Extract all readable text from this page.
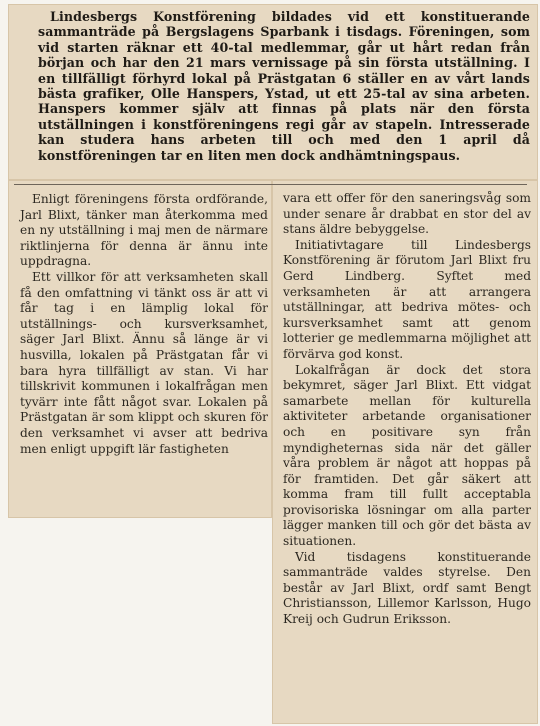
Lindesbergs Konstförening bildades vid ett konstituerande sammanträde på Bergslagens Sparbank i tisdags. Föreningen, som vid starten räknar ett 40-tal medlemmar, går ut hårt redan från början och har den 21 mars vernissage på sin första utställning. I en tillfälligt förhyrd lokal på Prästgatan 6 ställer en av vårt lands bästa grafiker, Olle Hanspers, Ystad, ut ett 25-tal av sina arbeten. Hanspers kommer själv att finnas på plats när den första utställningen i konstföreningens regi går av stapeln. Intresserade kan studera hans arbeten till och med den 1 april då konstföreningen tar en liten men dock andhämtningspaus.

Enligt föreningens första ordförande, Jarl Blixt, tänker man återkomma med en ny utställning i maj men de närmare riktlinjerna för denna är ännu inte uppdragna.

Ett villkor för att verksamheten skall få den omfattning vi tänkt oss är att vi får tag i en lämplig lokal för utställnings- och kursverksamhet, säger Jarl Blixt. Ännu så länge är vi husvilla, lokalen på Prästgatan får vi bara hyra tillfälligt av stan. Vi har tillskrivit kommunen i lokalfrågan men tyvärr inte fått något svar. Lokalen på Prästgatan är som klippt och skuren för den verksamhet vi avser att bedriva men enligt uppgift lär fastigheten

vara ett offer för den saneringsvåg som under senare år drabbat en stor del av stans äldre bebyggelse.

Initiativtagare till Lindesbergs Konstförening är förutom Jarl Blixt fru Gerd Lindberg. Syftet med verksamheten är att arrangera utställningar, att bedriva mötes- och kursverksamhet samt att genom lotterier ge medlemmarna möjlighet att förvärva god konst.

Lokalfrågan är dock det stora bekymret, säger Jarl Blixt. Ett vidgat samarbete mellan för kulturella aktiviteter arbetande organisationer och en positivare syn från myndigheternas sida när det gäller våra problem är något att hoppas på för framtiden. Det går säkert att komma fram till fullt acceptabla provisoriska lösningar om alla parter lägger manken till och gör det bästa av situationen.

Vid tisdagens konstituerande sammanträde valdes styrelse. Den består av Jarl Blixt, ordf samt Bengt Christiansson, Lillemor Karlsson, Hugo Kreij och Gudrun Eriksson.
